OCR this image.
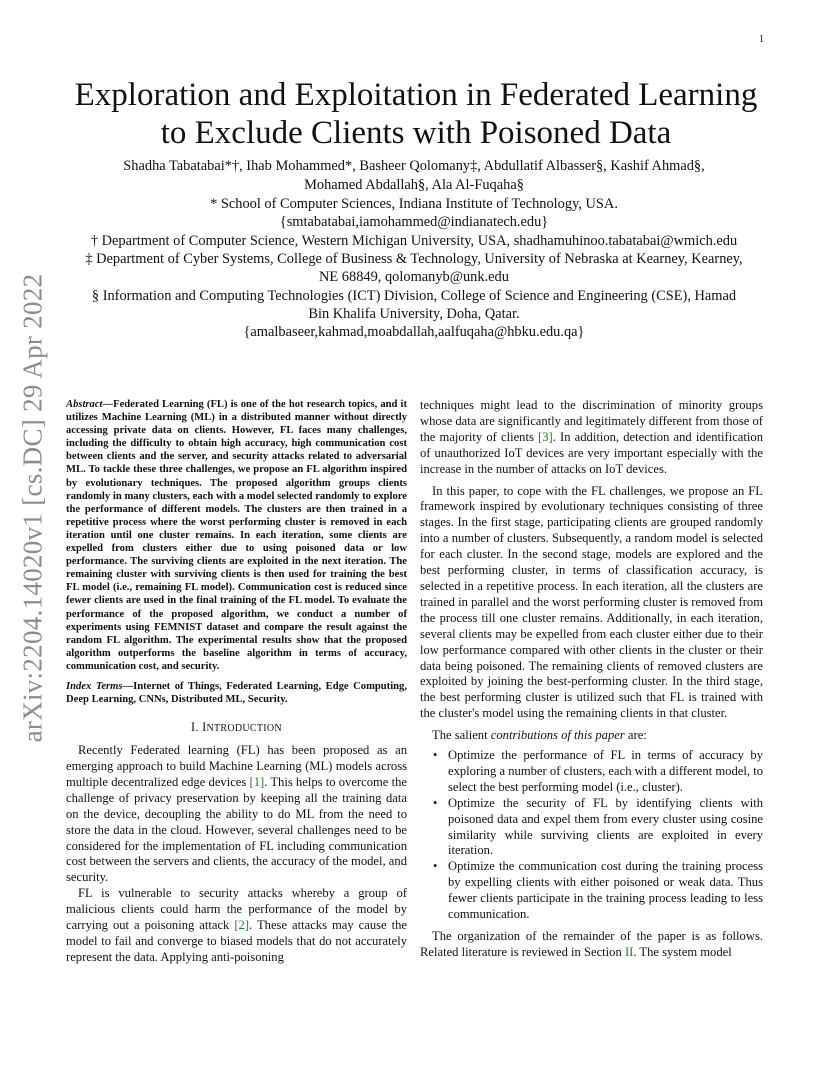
1
arXiv:2204.14020v1 [cs.DC] 29 Apr 2022
Exploration and Exploitation in Federated Learning
to Exclude Clients with Poisoned Data
Shadha Tabatabai*†, Ihab Mohammed*, Basheer Qolomany‡, Abdullatif Albasser§, Kashif Ahmad§,
Mohamed Abdallah§, Ala Al-Fuqaha§
* School of Computer Sciences, Indiana Institute of Technology, USA.
{smtabatabai,iamohammed@indianatech.edu}
† Department of Computer Science, Western Michigan University, USA, shadhamuhinoo.tabatabai@wmich.edu
‡ Department of Cyber Systems, College of Business & Technology, University of Nebraska at Kearney, Kearney,
NE 68849, qolomanyb@unk.edu
§ Information and Computing Technologies (ICT) Division, College of Science and Engineering (CSE), Hamad
Bin Khalifa University, Doha, Qatar.
{amalbaseer,kahmad,moabdallah,aalfuqaha@hbku.edu.qa}

Abstract—Federated Learning (FL) is one of the hot research topics, and it utilizes Machine Learning (ML) in a distributed manner without directly accessing private data on clients. However, FL faces many challenges, including the difficulty to obtain high accuracy, high communication cost between clients and the server, and security attacks related to adversarial ML. To tackle these three challenges, we propose an FL algorithm inspired by evolutionary techniques. The proposed algorithm groups clients randomly in many clusters, each with a model selected randomly to explore the performance of different models. The clusters are then trained in a repetitive process where the worst performing cluster is removed in each iteration until one cluster remains. In each iteration, some clients are expelled from clusters either due to using poisoned data or low performance. The surviving clients are exploited in the next iteration. The remaining cluster with surviving clients is then used for training the best FL model (i.e., remaining FL model). Communication cost is reduced since fewer clients are used in the final training of the FL model. To evaluate the performance of the proposed algorithm, we conduct a number of experiments using FEMNIST dataset and compare the result against the random FL algorithm. The experimental results show that the proposed algorithm outperforms the baseline algorithm in terms of accuracy, communication cost, and security.

Index Terms—Internet of Things, Federated Learning, Edge Computing, Deep Learning, CNNs, Distributed ML, Security.

I. INTRODUCTION

Recently Federated learning (FL) has been proposed as an emerging approach to build Machine Learning (ML) models across multiple decentralized edge devices [1]. This helps to overcome the challenge of privacy preservation by keeping all the training data on the device, decoupling the ability to do ML from the need to store the data in the cloud. However, several challenges need to be considered for the implementation of FL including communication cost between the servers and clients, the accuracy of the model, and security.

FL is vulnerable to security attacks whereby a group of malicious clients could harm the performance of the model by carrying out a poisoning attack [2]. These attacks may cause the model to fail and converge to biased models that do not accurately represent the data. Applying anti-poisoning

techniques might lead to the discrimination of minority groups whose data are significantly and legitimately different from those of the majority of clients [3]. In addition, detection and identification of unauthorized IoT devices are very important especially with the increase in the number of attacks on IoT devices.

In this paper, to cope with the FL challenges, we propose an FL framework inspired by evolutionary techniques consisting of three stages. In the first stage, participating clients are grouped randomly into a number of clusters. Subsequently, a random model is selected for each cluster. In the second stage, models are explored and the best performing cluster, in terms of classification accuracy, is selected in a repetitive process. In each iteration, all the clusters are trained in parallel and the worst performing cluster is removed from the process till one cluster remains. Additionally, in each iteration, several clients may be expelled from each cluster either due to their low performance compared with other clients in the cluster or their data being poisoned. The remaining clients of removed clusters are exploited by joining the best-performing cluster. In the third stage, the best performing cluster is utilized such that FL is trained with the cluster's model using the remaining clients in that cluster.

The salient contributions of this paper are:

• Optimize the performance of FL in terms of accuracy by exploring a number of clusters, each with a different model, to select the best performing model (i.e., cluster).
• Optimize the security of FL by identifying clients with poisoned data and expel them from every cluster using cosine similarity while surviving clients are exploited in every iteration.
• Optimize the communication cost during the training process by expelling clients with either poisoned or weak data. Thus fewer clients participate in the training process leading to less communication.

The organization of the remainder of the paper is as follows. Related literature is reviewed in Section II. The system model
